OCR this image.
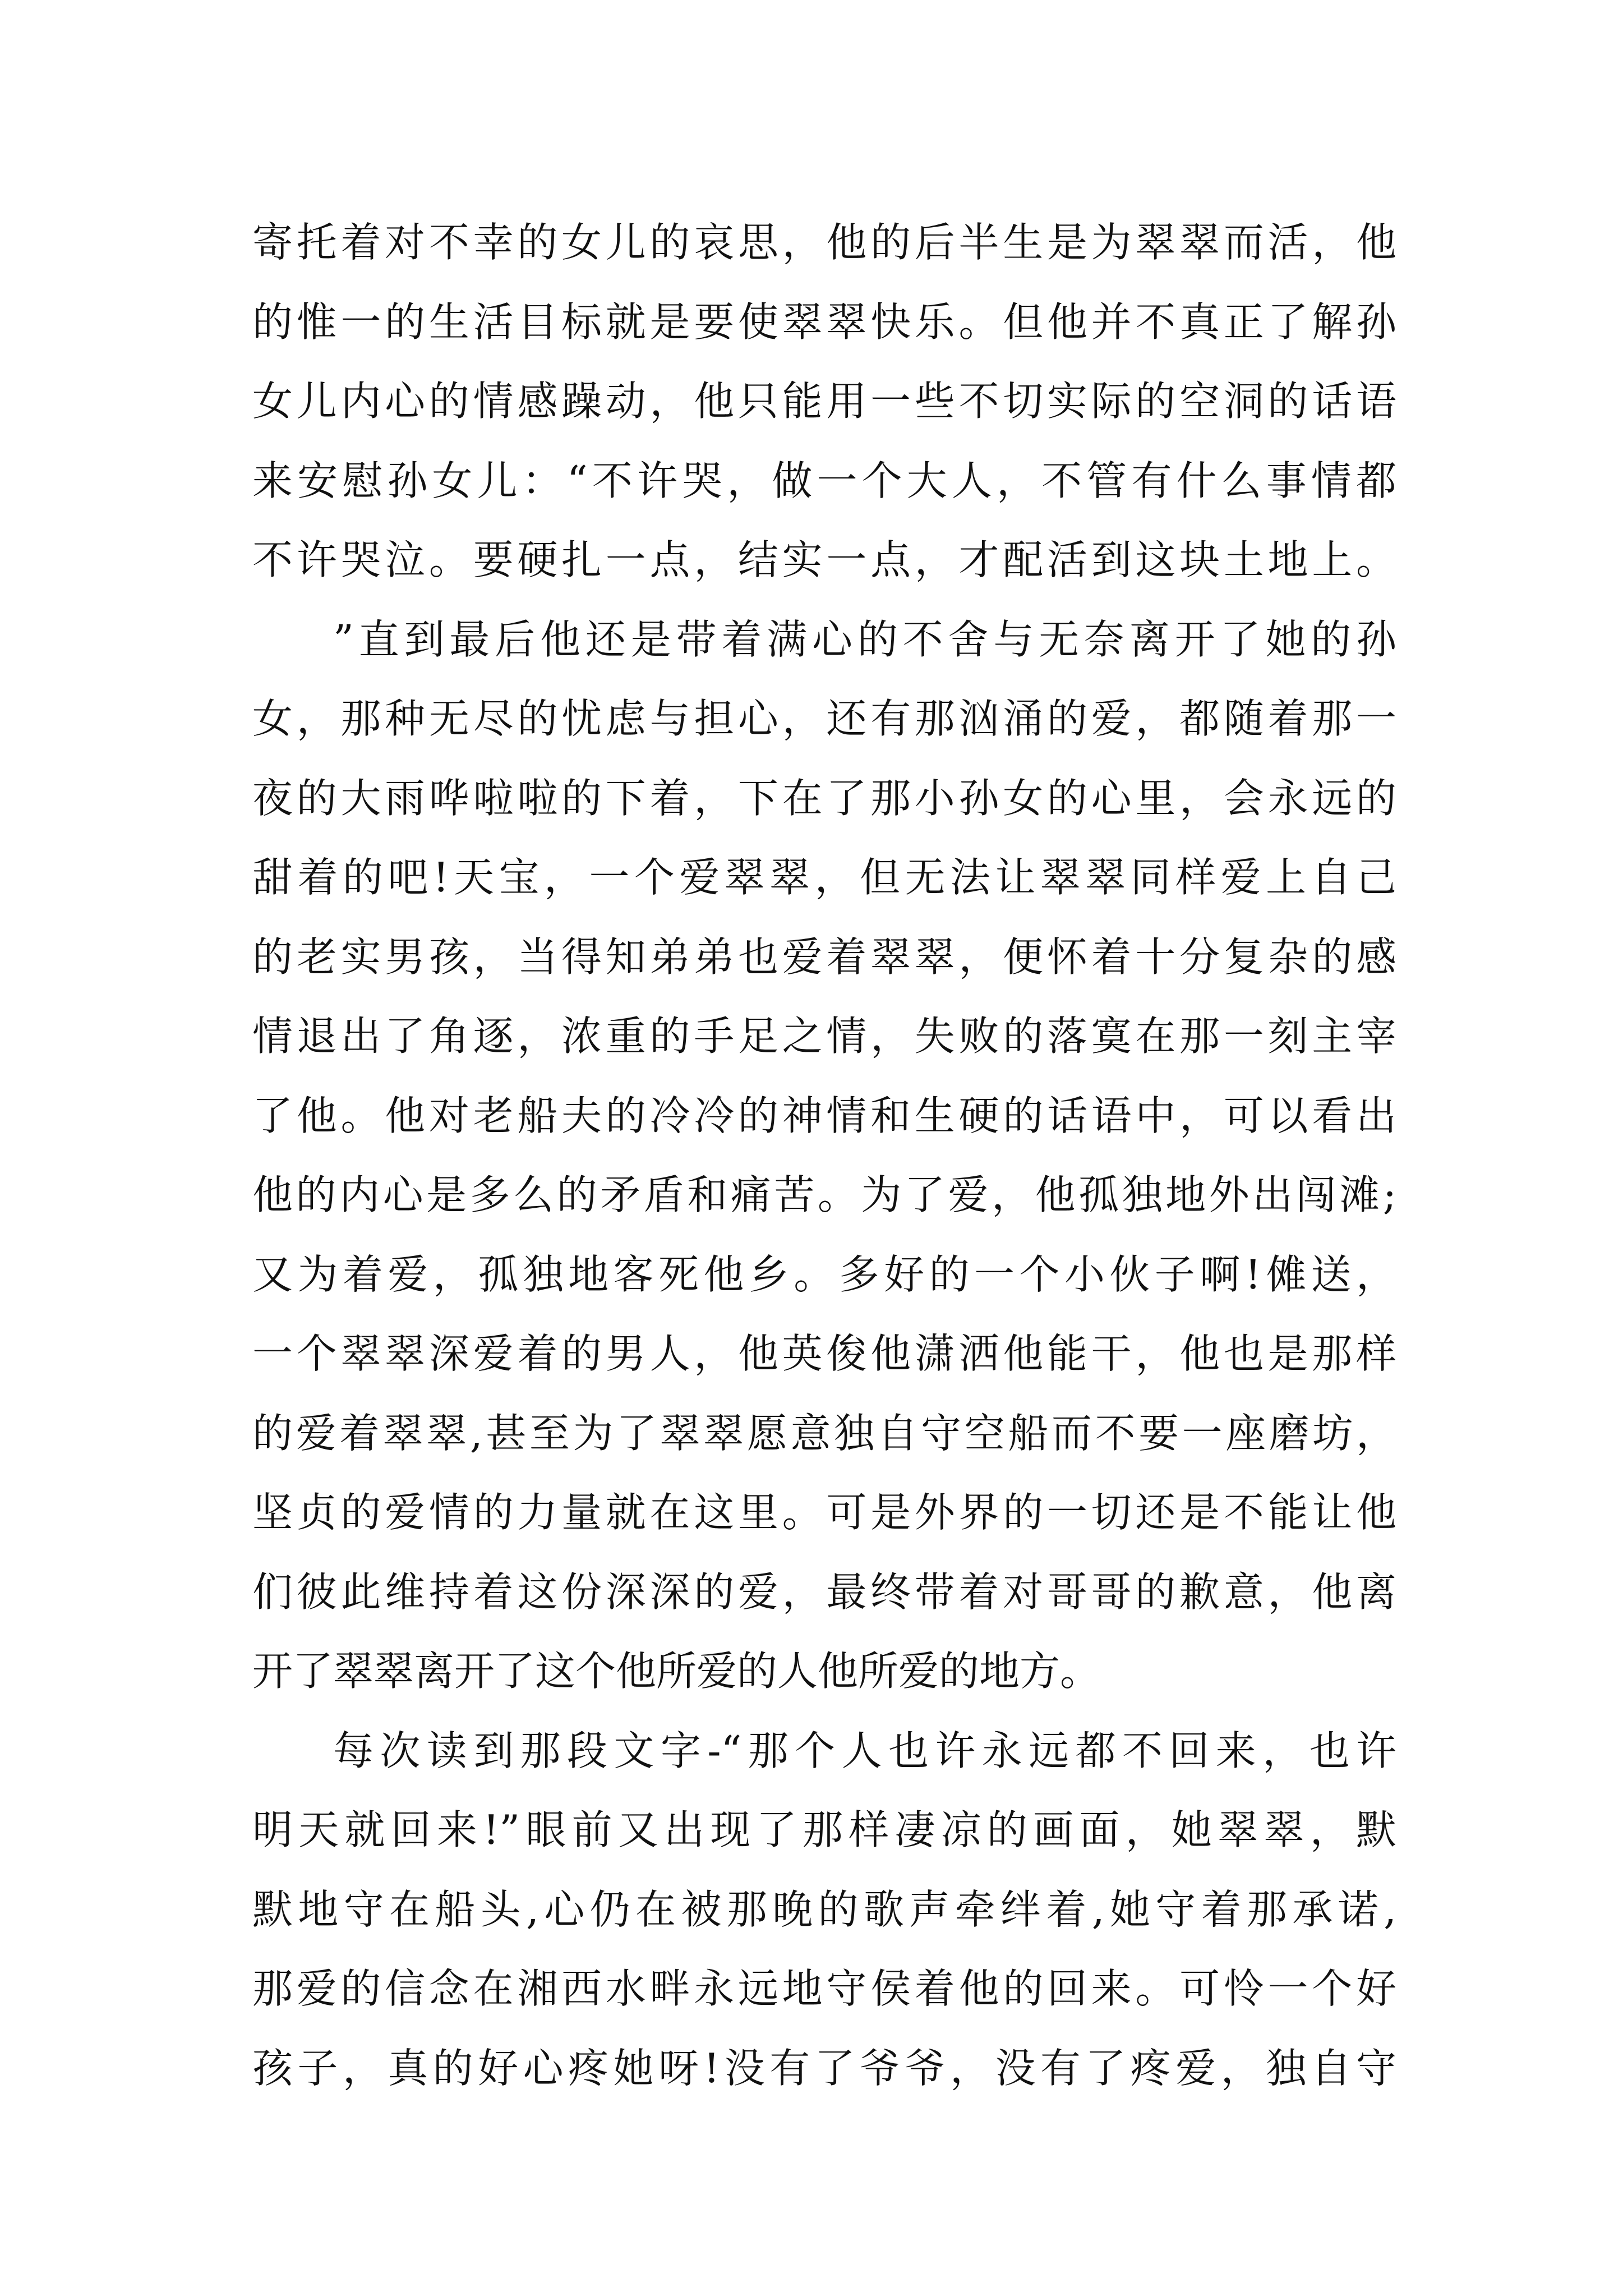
寄托着对不幸的女儿的哀思，他的后半生是为翠翠而活，他
的惟一的生活目标就是要使翠翠快乐。但他并不真正了解孙
女儿内心的情感躁动，他只能用一些不切实际的空洞的话语
来安慰孙女儿：“不许哭，做一个大人，不管有什么事情都
不许哭泣。要硬扎一点，结实一点，才配活到这块土地上。
”直到最后他还是带着满心的不舍与无奈离开了她的孙
女，那种无尽的忧虑与担心，还有那汹涌的爱，都随着那一
夜的大雨哗啦啦的下着，下在了那小孙女的心里，会永远的
甜着的吧!天宝，一个爱翠翠，但无法让翠翠同样爱上自己
的老实男孩，当得知弟弟也爱着翠翠，便怀着十分复杂的感
情退出了角逐，浓重的手足之情，失败的落寞在那一刻主宰
了他。他对老船夫的冷冷的神情和生硬的话语中，可以看出
他的内心是多么的矛盾和痛苦。为了爱，他孤独地外出闯滩;
又为着爱，孤独地客死他乡。多好的一个小伙子啊!傩送，
一个翠翠深爱着的男人，他英俊他潇洒他能干，他也是那样
的爱着翠翠,甚至为了翠翠愿意独自守空船而不要一座磨坊，
坚贞的爱情的力量就在这里。可是外界的一切还是不能让他
们彼此维持着这份深深的爱，最终带着对哥哥的歉意，他离
开了翠翠离开了这个他所爱的人他所爱的地方。
每次读到那段文字-“那个人也许永远都不回来，也许
明天就回来!”眼前又出现了那样凄凉的画面，她翠翠，默
默地守在船头,心仍在被那晚的歌声牵绊着,她守着那承诺,
那爱的信念在湘西水畔永远地守侯着他的回来。可怜一个好
孩子，真的好心疼她呀!没有了爷爷，没有了疼爱，独自守
